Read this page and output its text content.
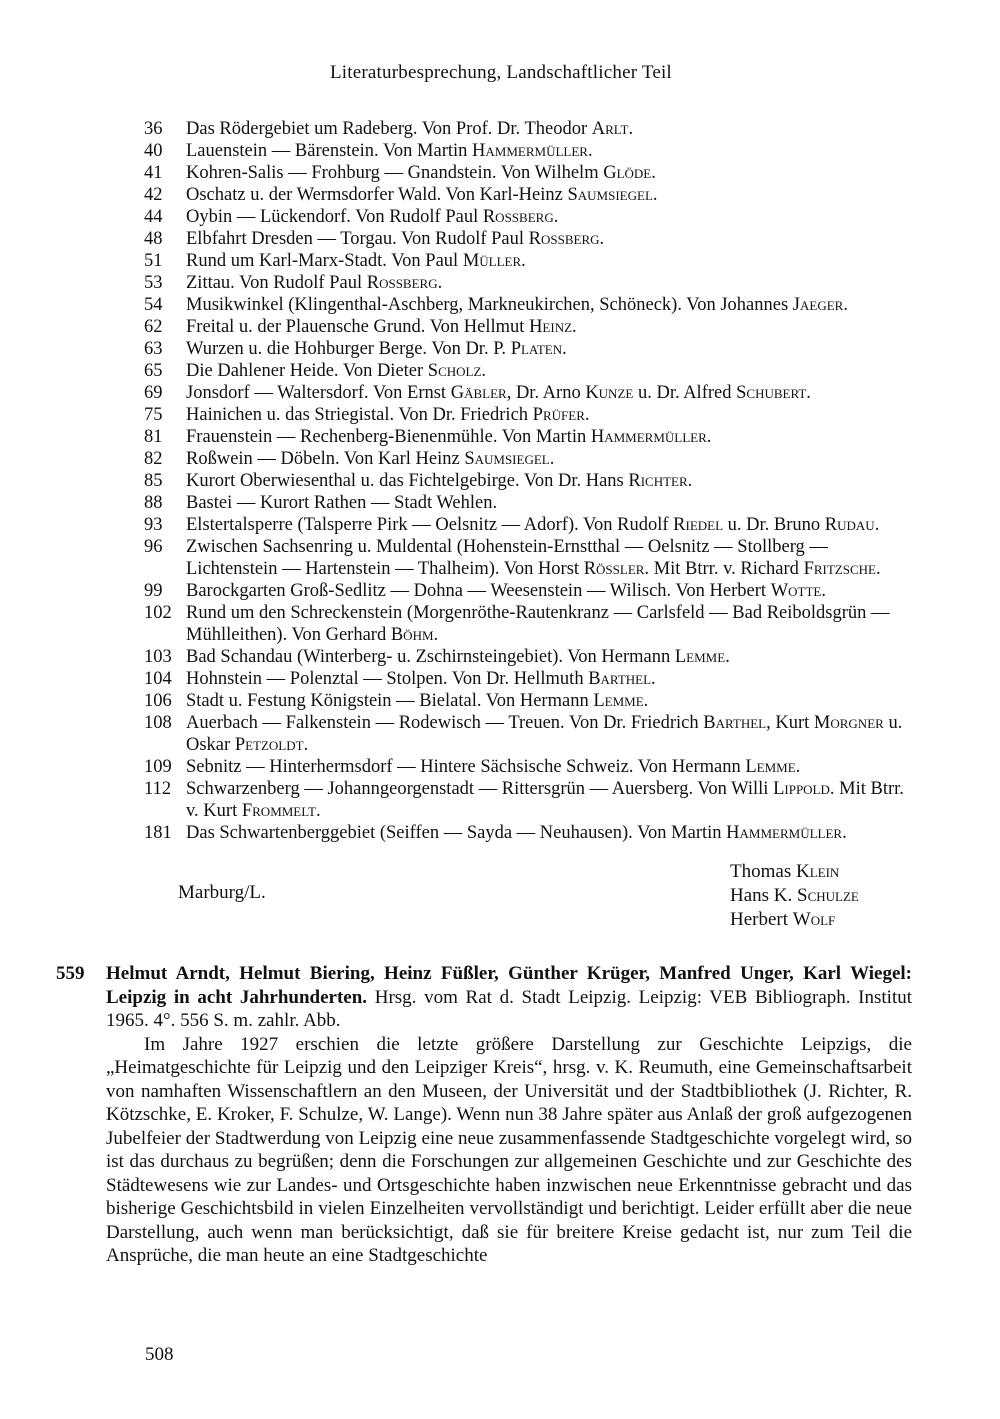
Literaturbesprechung, Landschaftlicher Teil
36	Das Rödergebiet um Radeberg. Von Prof. Dr. Theodor Arlt.
40	Lauenstein — Bärenstein. Von Martin Hammermüller.
41	Kohren-Salis — Frohburg — Gnandstein. Von Wilhelm Glöde.
42	Oschatz u. der Wermsdorfer Wald. Von Karl-Heinz Saumsiegel.
44	Oybin — Lückendorf. Von Rudolf Paul Rossberg.
48	Elbfahrt Dresden — Torgau. Von Rudolf Paul Rossberg.
51	Rund um Karl-Marx-Stadt. Von Paul Müller.
53	Zittau. Von Rudolf Paul Rossberg.
54	Musikwinkel (Klingenthal-Aschberg, Markneukirchen, Schöneck). Von Johannes Jaeger.
62	Freital u. der Plauensche Grund. Von Hellmut Heinz.
63	Wurzen u. die Hohburger Berge. Von Dr. P. Platen.
65	Die Dahlener Heide. Von Dieter Scholz.
69	Jonsdorf — Waltersdorf. Von Ernst Gäbler, Dr. Arno Kunze u. Dr. Alfred Schubert.
75	Hainichen u. das Striegistal. Von Dr. Friedrich Prüfer.
81	Frauenstein — Rechenberg-Bienenmühle. Von Martin Hammermüller.
82	Roßwein — Döbeln. Von Karl Heinz Saumsiegel.
85	Kurort Oberwiesenthal u. das Fichtelgebirge. Von Dr. Hans Richter.
88	Bastei — Kurort Rathen — Stadt Wehlen.
93	Elstertalsperre (Talsperre Pirk — Oelsnitz — Adorf). Von Rudolf Riedel u. Dr. Bruno Rudau.
96	Zwischen Sachsenring u. Muldental (Hohenstein-Ernstthal — Oelsnitz — Stollberg — Lichtenstein — Hartenstein — Thalheim). Von Horst Rössler. Mit Btrr. v. Richard Fritzsche.
99	Barockgarten Groß-Sedlitz — Dohna — Weesenstein — Wilisch. Von Herbert Wotte.
102 Rund um den Schreckenstein (Morgenröthe-Rautenkranz — Carlsfeld — Bad Reiboldsgrün — Mühlleithen). Von Gerhard Böhm.
103 Bad Schandau (Winterberg- u. Zschirnsteingebiet). Von Hermann Lemme.
104 Hohnstein — Polenztal — Stolpen. Von Dr. Hellmuth Barthel.
106 Stadt u. Festung Königstein — Bielatal. Von Hermann Lemme.
108 Auerbach — Falkenstein — Rodewisch — Treuen. Von Dr. Friedrich Barthel, Kurt Morgner u. Oskar Petzoldt.
109 Sebnitz — Hinterhermsdorf — Hintere Sächsische Schweiz. Von Hermann Lemme.
112 Schwarzenberg — Johanngeorgenstadt — Rittersgrün — Auersberg. Von Willi Lippold. Mit Btrr. v. Kurt Frommelt.
181 Das Schwartenberggebiet (Seiffen — Sayda — Neuhausen). Von Martin Hammermüller.
Marburg/L.
Thomas Klein
Hans K. Schulze
Herbert Wolf
559 Helmut Arndt, Helmut Biering, Heinz Füßler, Günther Krüger, Manfred Unger, Karl Wiegel: Leipzig in acht Jahrhunderten. Hrsg. vom Rat d. Stadt Leipzig. Leipzig: VEB Bibliograph. Institut 1965. 4°. 556 S. m. zahlr. Abb.

Im Jahre 1927 erschien die letzte größere Darstellung zur Geschichte Leipzigs, die „Heimatgeschichte für Leipzig und den Leipziger Kreis“, hrsg. v. K. Reumuth, eine Gemeinschaftsarbeit von namhaften Wissenschaftlern an den Museen, der Universität und der Stadtbibliothek (J. Richter, R. Kötzschke, E. Kroker, F. Schulze, W. Lange). Wenn nun 38 Jahre später aus Anlaß der groß aufgezogenen Jubelfeier der Stadtwerdung von Leipzig eine neue zusammenfassende Stadtgeschichte vorgelegt wird, so ist das durchaus zu begrüßen; denn die Forschungen zur allgemeinen Geschichte und zur Geschichte des Städtewesens wie zur Landes- und Ortsgeschichte haben inzwischen neue Erkenntnisse gebracht und das bisherige Geschichtsbild in vielen Einzelheiten vervollständigt und berichtigt. Leider erfüllt aber die neue Darstellung, auch wenn man berücksichtigt, daß sie für breitere Kreise gedacht ist, nur zum Teil die Ansprüche, die man heute an eine Stadtgeschichte

508
